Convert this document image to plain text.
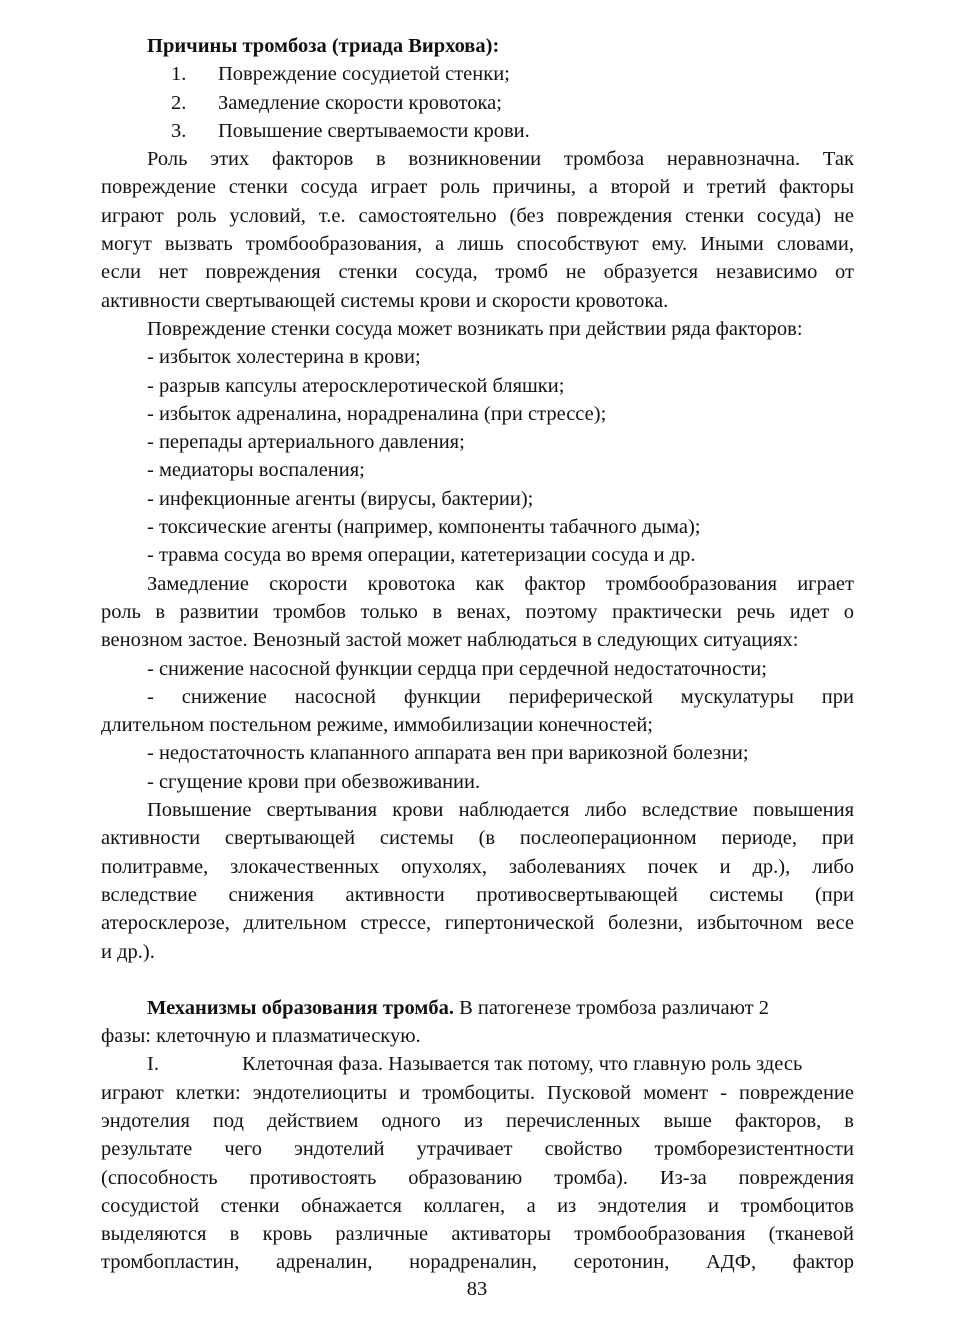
Причины тромбоза (триада Вирхова):
1. Повреждение сосудиетой стенки;
2. Замедление скорости кровотока;
3. Повышение свертываемости крови.
Роль этих факторов в возникновении тромбоза неравнозначна. Так
повреждение стенки сосуда играет роль причины, а второй и третий факторы
играют роль условий, т.е. самостоятельно (без повреждения стенки сосуда) не
могут вызвать тромбообразования, а лишь способствуют ему. Иными словами,
если нет повреждения стенки сосуда, тромб не образуется независимо от
активности свертывающей системы крови и скорости кровотока.
Повреждение стенки сосуда может возникать при действии ряда факторов:
- избыток холестерина в крови;
- разрыв капсулы атеросклеротической бляшки;
- избыток адреналина, норадреналина (при стрессе);
- перепады артериального давления;
- медиаторы воспаления;
- инфекционные агенты (вирусы, бактерии);
- токсические агенты (например, компоненты табачного дыма);
- травма сосуда во время операции, катетеризации сосуда и др.
Замедление скорости кровотока как фактор тромбообразования играет
роль в развитии тромбов только в венах, поэтому практически речь идет о
венозном застое. Венозный застой может наблюдаться в следующих ситуациях:
- снижение насосной функции сердца при сердечной недостаточности;
- снижение насосной функции периферической мускулатуры при
длительном постельном режиме, иммобилизации конечностей;
- недостаточность клапанного аппарата вен при варикозной болезни;
- сгущение крови при обезвоживании.
Повышение свертывания крови наблюдается либо вследствие повышения
активности свертывающей системы (в послеоперационном периоде, при
политравме, злокачественных опухолях, заболеваниях почек и др.), либо
вследствие снижения активности противосвертывающей системы (при
атеросклерозе, длительном стрессе, гипертонической болезни, избыточном весе
и др.).
Механизмы образования тромба. В патогенезе тромбоза различают 2
фазы: клеточную и плазматическую.
I.	Клеточная фаза. Называется так потому, что главную роль здесь
играют клетки: эндотелиоциты и тромбоциты. Пусковой момент - повреждение
эндотелия под действием одного из перечисленных выше факторов, в
результате чего эндотелий утрачивает свойство тромборезистентности
(способность противостоять образованию тромба). Из-за повреждения
сосудистой стенки обнажается коллаген, а из эндотелия и тромбоцитов
выделяются в кровь различные активаторы тромбообразования (тканевой
тромбопластин, адреналин, норадреналин, серотонин, АДФ, фактор
83
